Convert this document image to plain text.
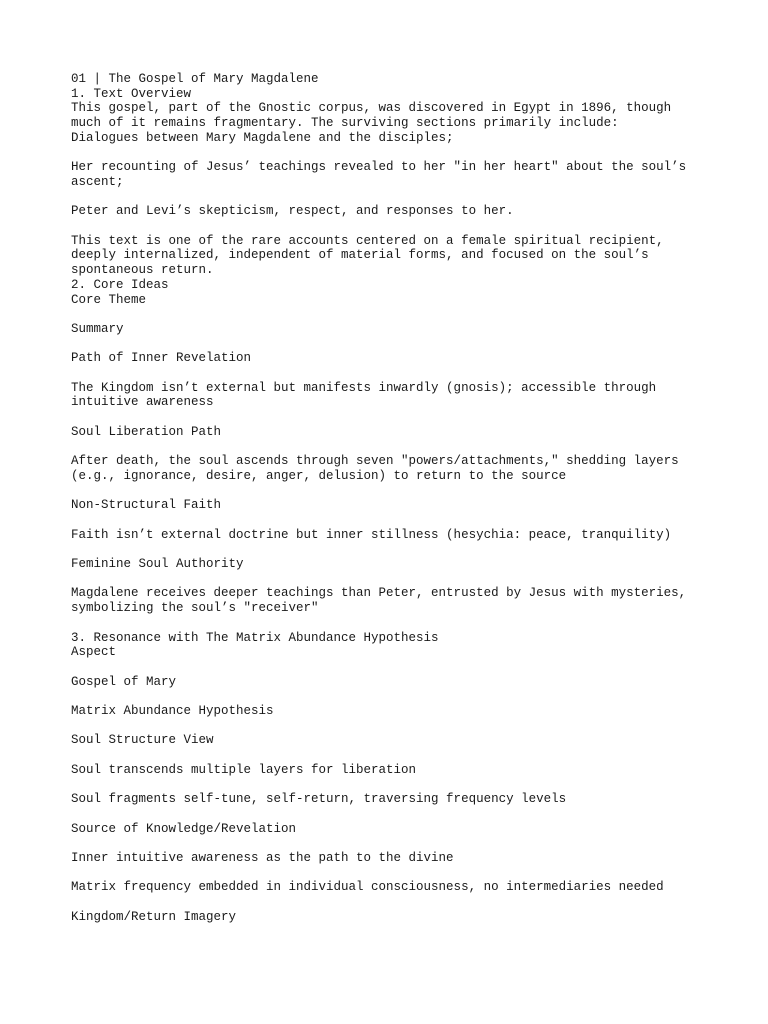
01 | The Gospel of Mary Magdalene

1. Text Overview

This gospel, part of the Gnostic corpus, was discovered in Egypt in 1896, though

much of it remains fragmentary. The surviving sections primarily include:

Dialogues between Mary Magdalene and the disciples;

Her recounting of Jesus’ teachings revealed to her "in her heart" about the soul’s

ascent;

Peter and Levi’s skepticism, respect, and responses to her.

This text is one of the rare accounts centered on a female spiritual recipient,

deeply internalized, independent of material forms, and focused on the soul’s

spontaneous return.

2. Core Ideas

Core Theme

Summary

Path of Inner Revelation

The Kingdom isn’t external but manifests inwardly (gnosis); accessible through

intuitive awareness

Soul Liberation Path

After death, the soul ascends through seven "powers/attachments," shedding layers

(e.g., ignorance, desire, anger, delusion) to return to the source

Non-Structural Faith

Faith isn’t external doctrine but inner stillness (hesychia: peace, tranquility)

Feminine Soul Authority

Magdalene receives deeper teachings than Peter, entrusted by Jesus with mysteries,

symbolizing the soul’s "receiver"

3. Resonance with The Matrix Abundance Hypothesis

Aspect

Gospel of Mary

Matrix Abundance Hypothesis

Soul Structure View

Soul transcends multiple layers for liberation

Soul fragments self-tune, self-return, traversing frequency levels

Source of Knowledge/Revelation

Inner intuitive awareness as the path to the divine

Matrix frequency embedded in individual consciousness, no intermediaries needed

Kingdom/Return Imagery
